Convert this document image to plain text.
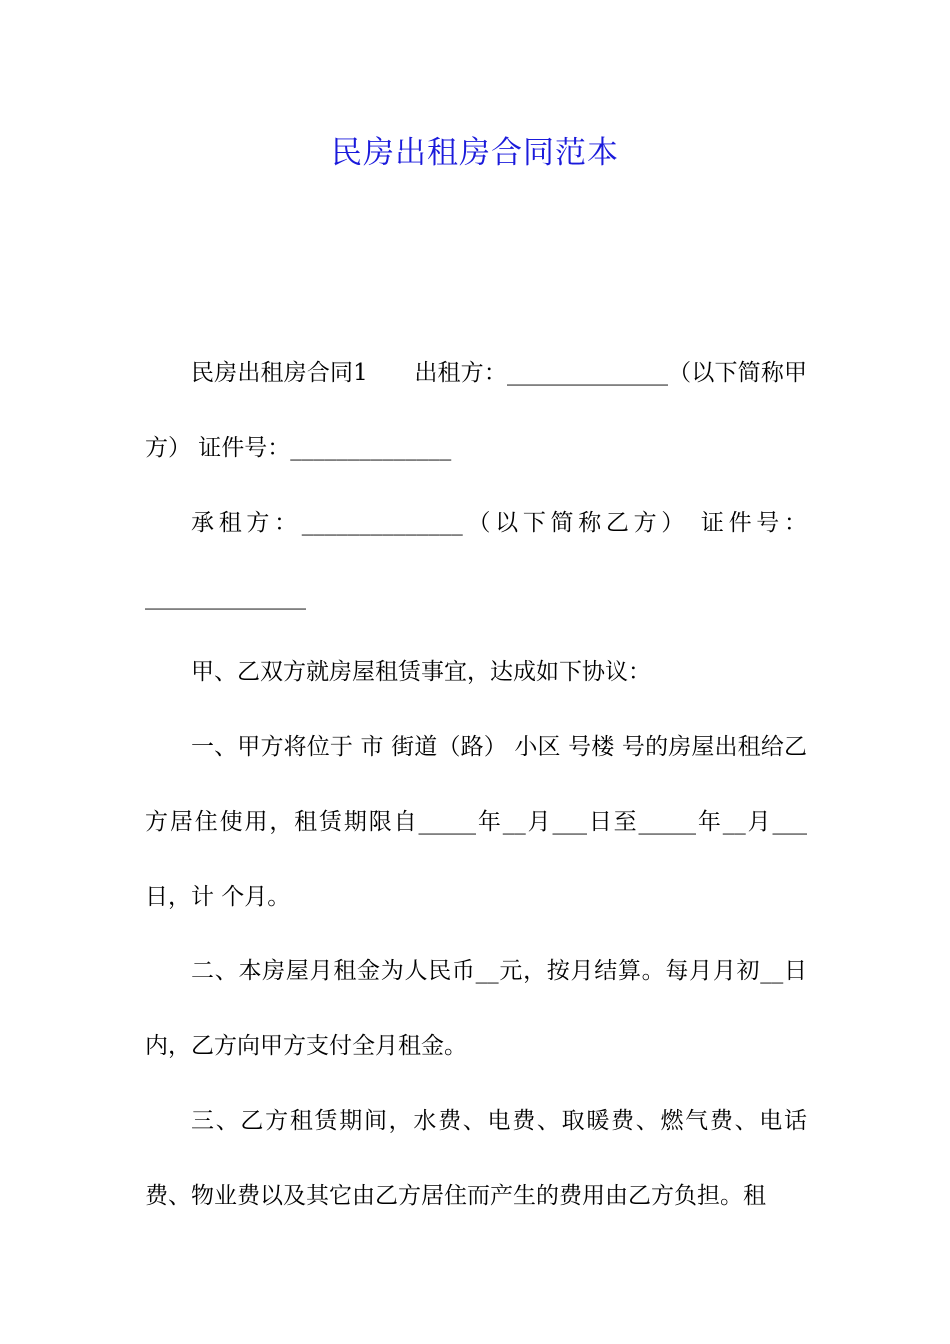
民房出租房合同范本

民房出租房合同1　　出租方：______________（以下简称甲方） 证件号：______________

承租方：______________（以下简称乙方） 证件号：______________

甲、乙双方就房屋租赁事宜，达成如下协议：

一、甲方将位于 市 街道（路） 小区 号楼 号的房屋出租给乙方居住使用，租赁期限自_____年__月___日至_____年__月___日，计 个月。

二、本房屋月租金为人民币__元，按月结算。每月月初__日内，乙方向甲方支付全月租金。

三、乙方租赁期间，水费、电费、取暖费、燃气费、电话费、物业费以及其它由乙方居住而产生的费用由乙方负担。租
